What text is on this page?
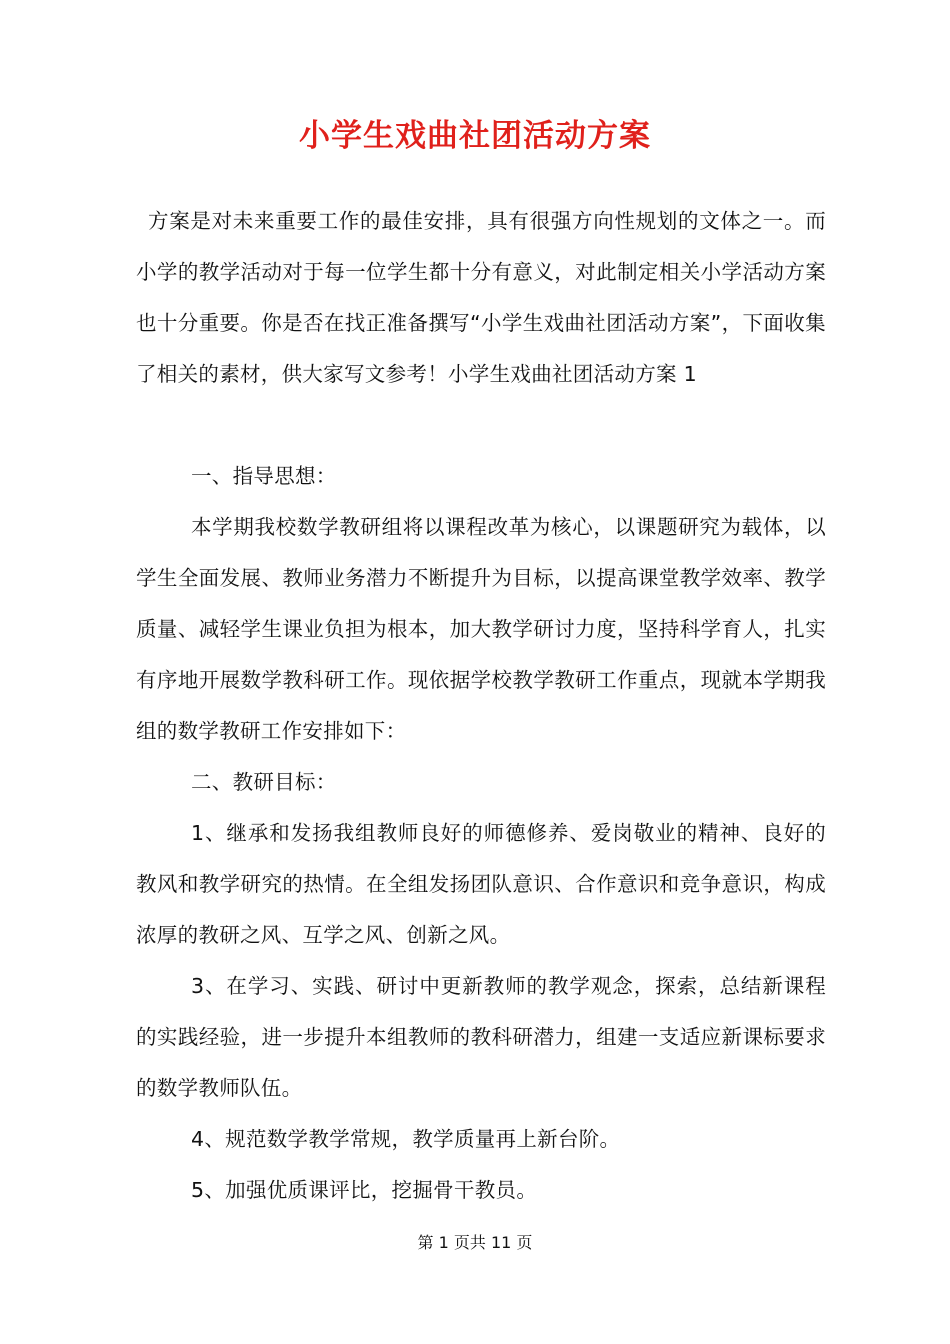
小学生戏曲社团活动方案
方案是对未来重要工作的最佳安排，具有很强方向性规划的文体之一。而小学的教学活动对于每一位学生都十分有意义，对此制定相关小学活动方案也十分重要。你是否在找正准备撰写“小学生戏曲社团活动方案”，下面收集了相关的素材，供大家写文参考！小学生戏曲社团活动方案 1
一、指导思想：
本学期我校数学教研组将以课程改革为核心，以课题研究为载体，以学生全面发展、教师业务潜力不断提升为目标，以提高课堂教学效率、教学质量、减轻学生课业负担为根本，加大教学研讨力度，坚持科学育人，扎实有序地开展数学教科研工作。现依据学校教学教研工作重点，现就本学期我组的数学教研工作安排如下：
二、教研目标：
1、继承和发扬我组教师良好的师德修养、爱岗敬业的精神、良好的教风和教学研究的热情。在全组发扬团队意识、合作意识和竞争意识，构成浓厚的教研之风、互学之风、创新之风。
3、在学习、实践、研讨中更新教师的教学观念，探索，总结新课程的实践经验，进一步提升本组教师的教科研潜力，组建一支适应新课标要求的数学教师队伍。
4、规范数学教学常规，教学质量再上新台阶。
5、加强优质课评比，挖掘骨干教员。
第 1 页共 11 页
